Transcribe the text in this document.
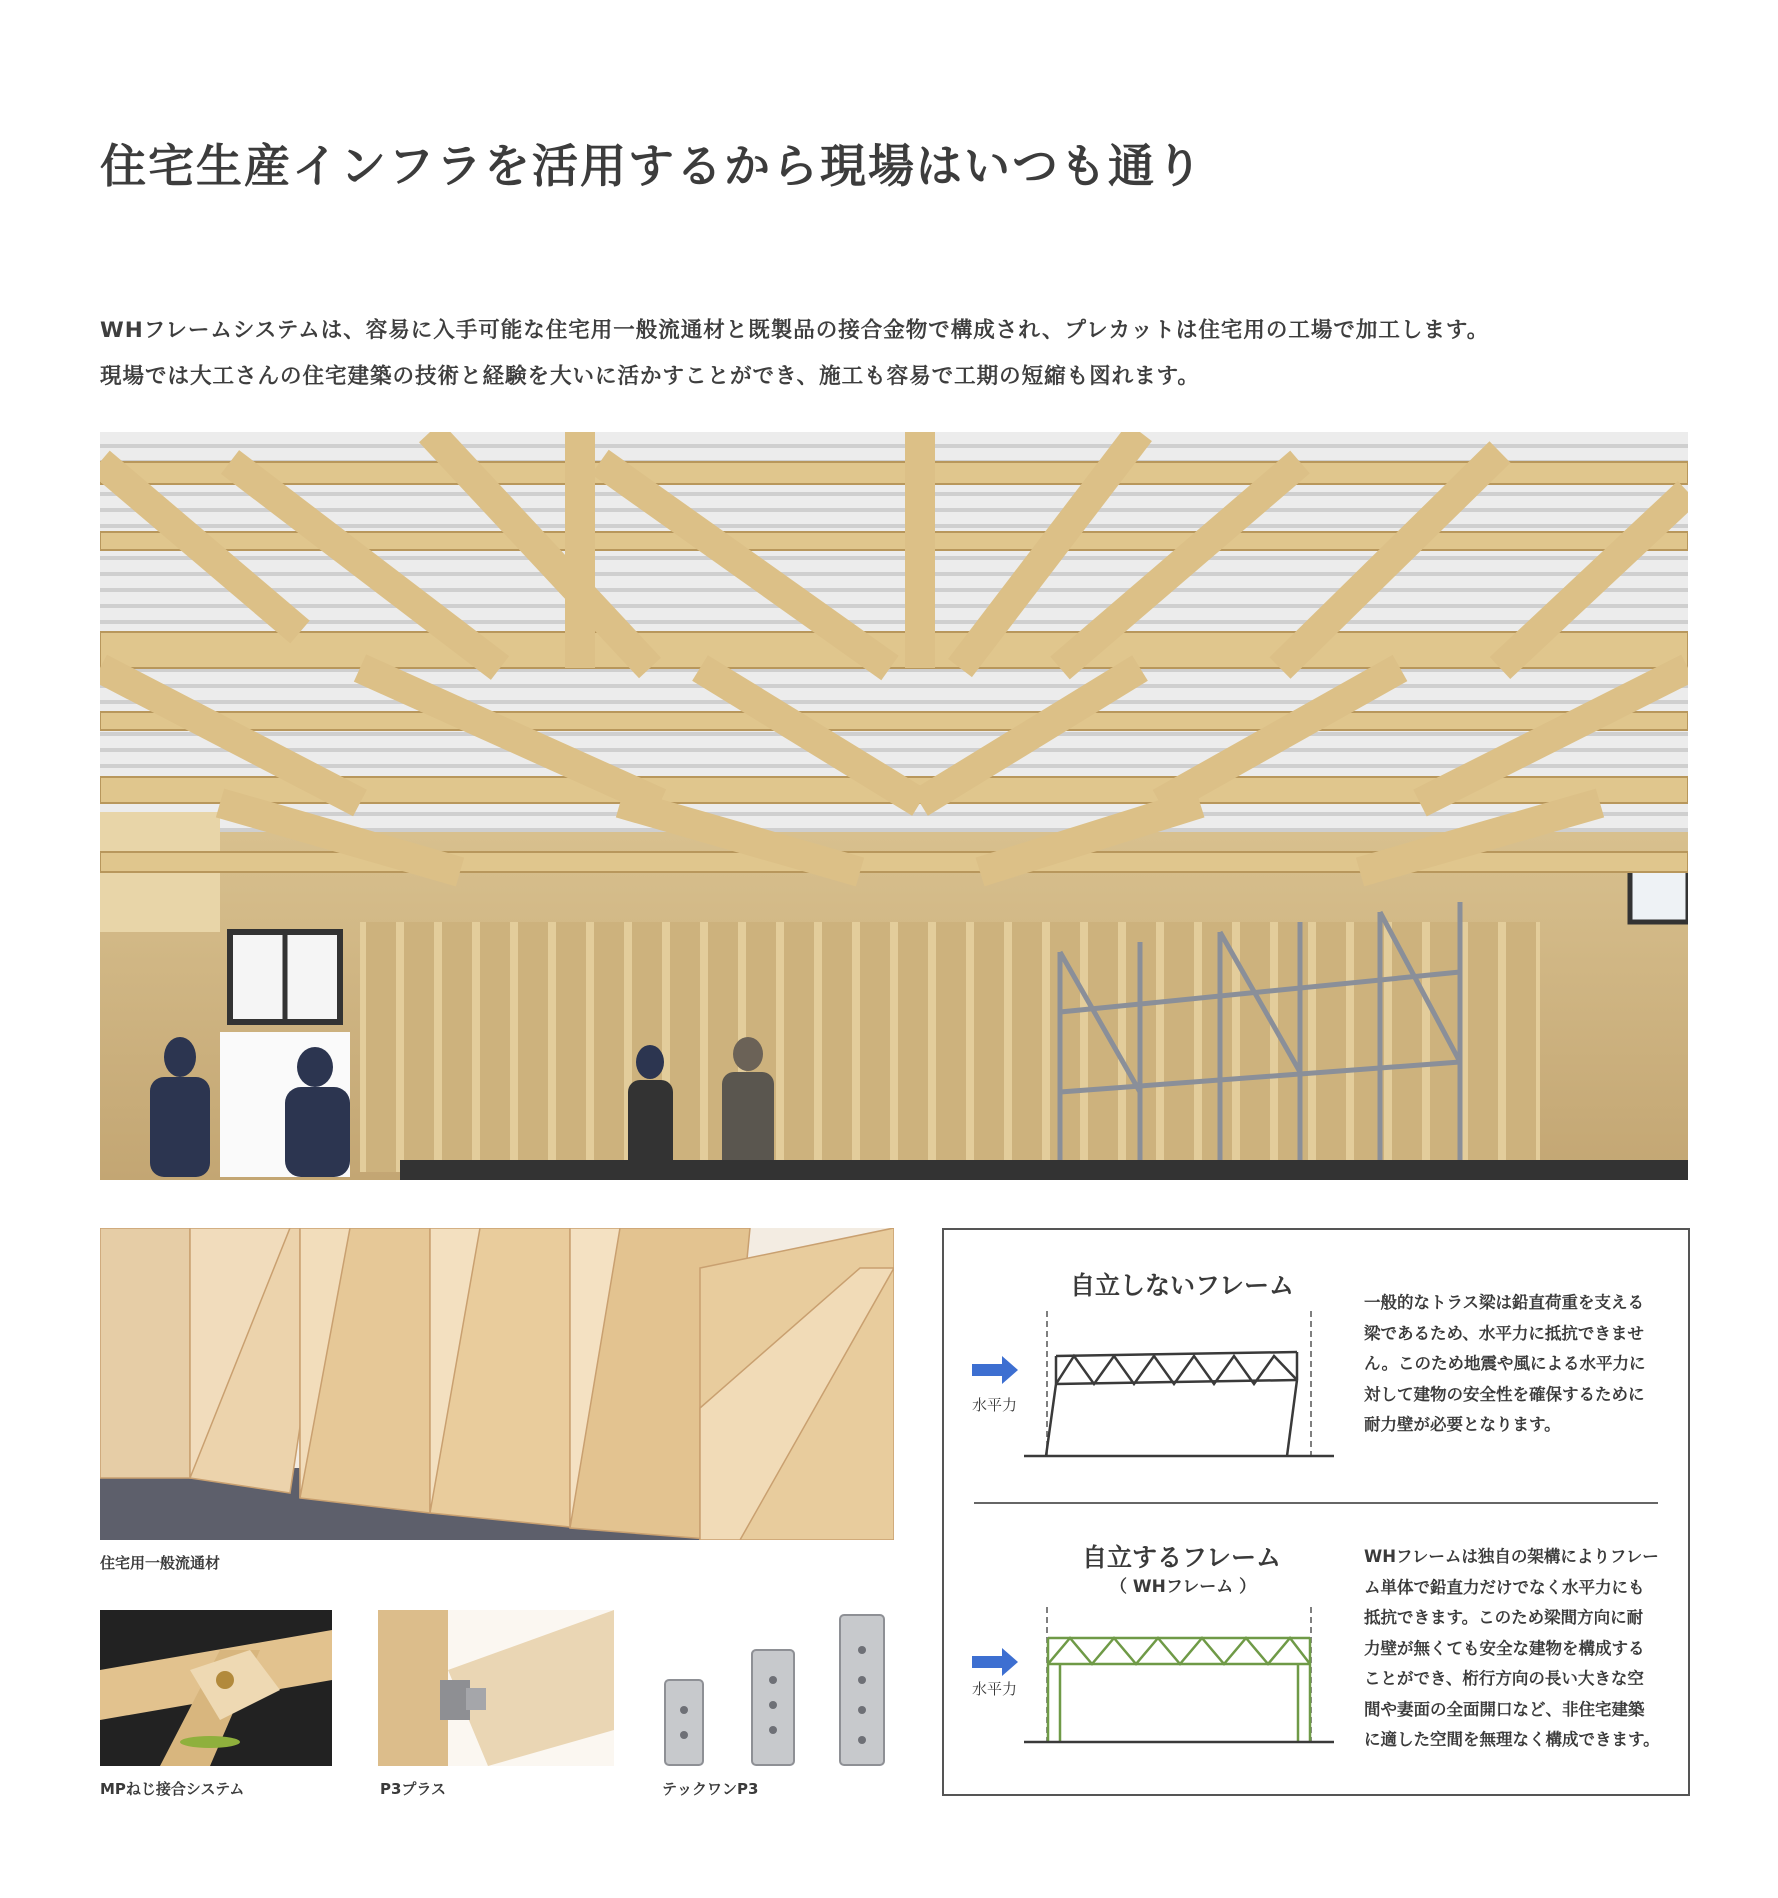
住宅生産インフラを活用するから現場はいつも通り

WHフレームシステムは、容易に入手可能な住宅用一般流通材と既製品の接合金物で構成され、プレカットは住宅用の工場で加工します。

現場では大工さんの住宅建築の技術と経験を大いに活かすことができ、施工も容易で工期の短縮も図れます。

住宅用一般流通材
MPねじ接合システム	P3プラス	テックワンP3
自立しないフレーム
水平力
一般的なトラス梁は鉛直荷重を支える
梁であるため、水平力に抵抗できませ
ん。このため地震や風による水平力に
対して建物の安全性を確保するために
耐力壁が必要となります。
自立するフレーム
（ WHフレーム ）
水平力
WHフレームは独自の架構によりフレー
ム単体で鉛直力だけでなく水平力にも
抵抗できます。このため梁間方向に耐
力壁が無くても安全な建物を構成する
ことができ、桁行方向の長い大きな空
間や妻面の全面開口など、非住宅建築
に適した空間を無理なく構成できます。
